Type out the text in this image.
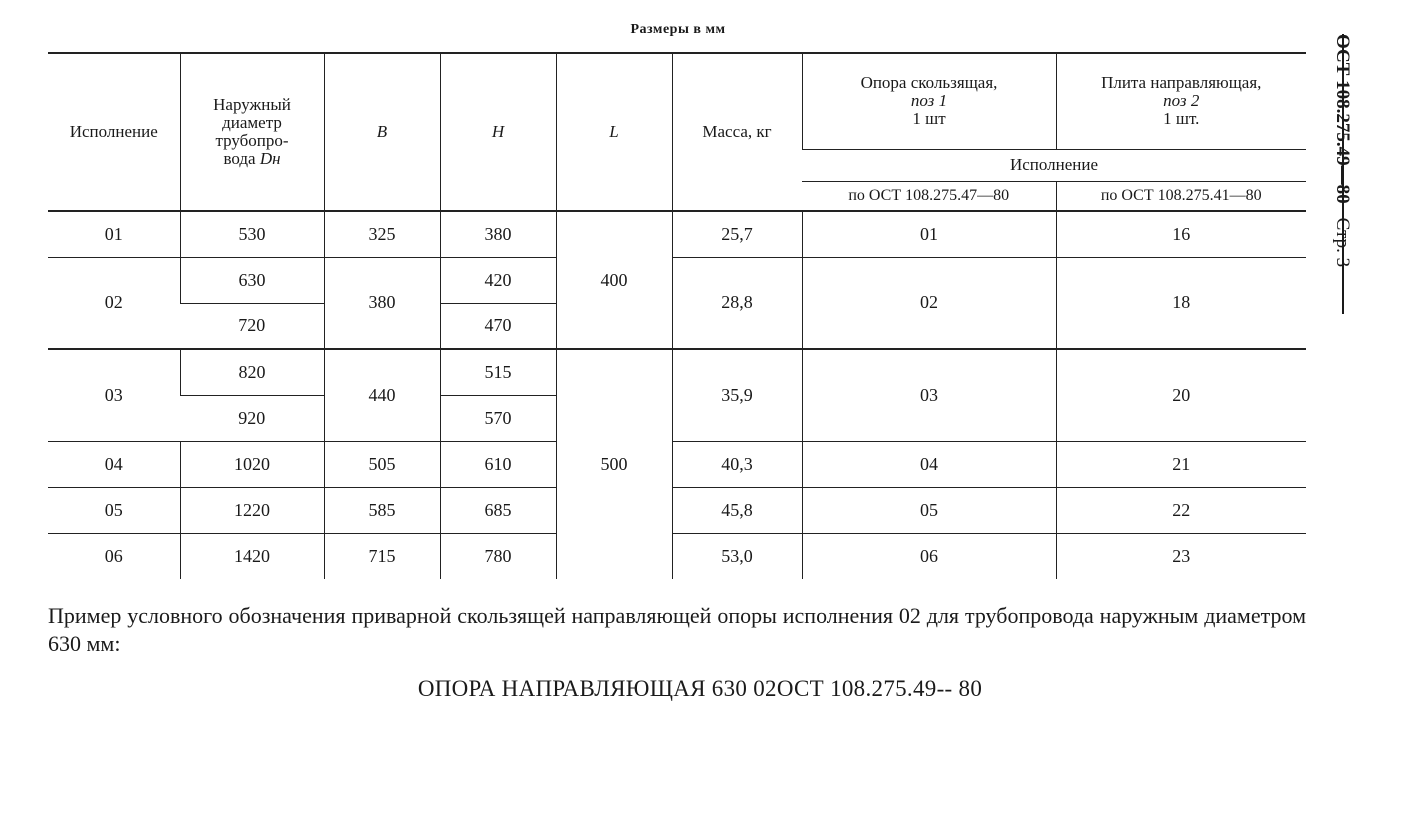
Размеры в мм
ОСТ 108.275.49—80Стр. 3
Исполнение	Наружный
диаметр
трубопро-
вода Dн	B	H	L	Масса, кг	Опора скользящая,
поз 1
1 шт	Плита направляющая,
поз 2
1 шт.
						Исполнение	
						по ОСТ 108.275.47—80	по ОСТ 108.275.41—80
01	530	325	380	400	25,7	01	16
02	630	380	420		28,8	02	18
	720		470				
03	820	440	515	500	35,9	03	20
	920		570				
04	1020	505	610		40,3	04	21
05	1220	585	685		45,8	05	22
06	1420	715	780		53,0	06	23
Пример условного обозначения приварной скользящей направляющей опоры исполнения 02 для трубопровода наружным диаметром 630 мм:
ОПОРА НАПРАВЛЯЮЩАЯ 630 02ОСТ 108.275.49-- 80
